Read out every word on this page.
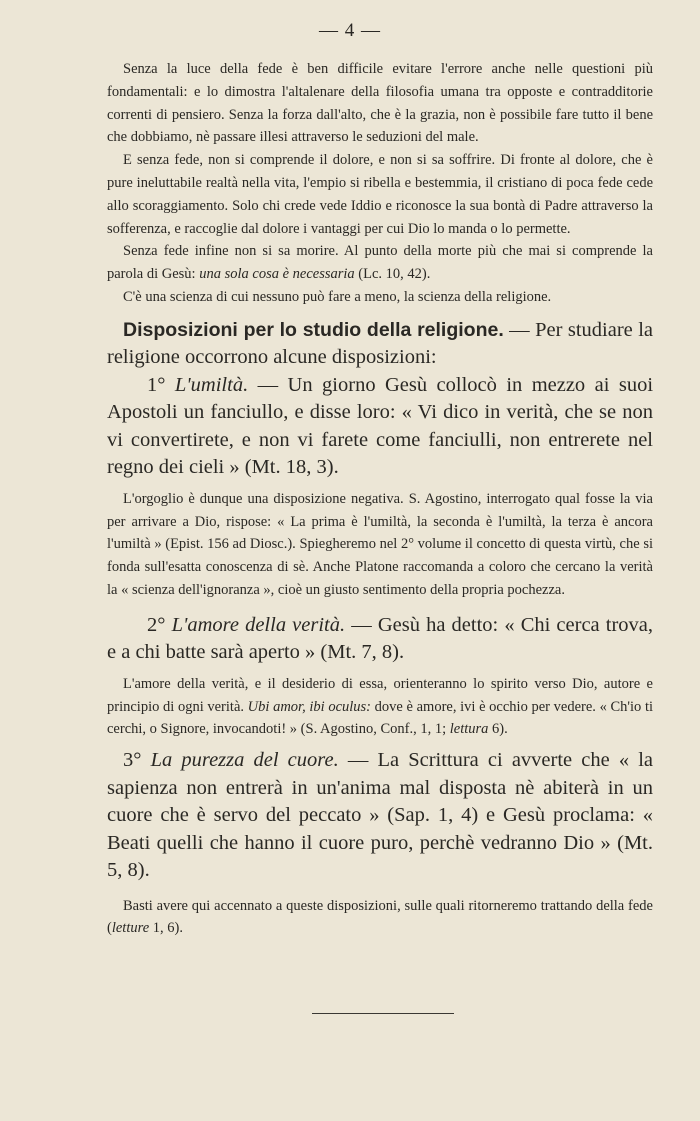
— 4 —

Senza la luce della fede è ben difficile evitare l'errore anche nelle questioni più fondamentali: e lo dimostra l'altalenare della filosofia umana tra opposte e contradditorie correnti di pensiero. Senza la forza dall'alto, che è la grazia, non è possibile fare tutto il bene che dobbiamo, nè passare illesi attraverso le seduzioni del male.

E senza fede, non si comprende il dolore, e non si sa soffrire. Di fronte al dolore, che è pure ineluttabile realtà nella vita, l'empio si ribella e bestemmia, il cristiano di poca fede cede allo scoraggiamento. Solo chi crede vede Iddio e riconosce la sua bontà di Padre attraverso la sofferenza, e raccoglie dal dolore i vantaggi per cui Dio lo manda o lo permette.

Senza fede infine non si sa morire. Al punto della morte più che mai si comprende la parola di Gesù: una sola cosa è necessaria (Lc. 10, 42).

C'è una scienza di cui nessuno può fare a meno, la scienza della religione.

Disposizioni per lo studio della religione. — Per studiare la religione occorrono alcune disposizioni:

1° L'umiltà. — Un giorno Gesù collocò in mezzo ai suoi Apostoli un fanciullo, e disse loro: « Vi dico in verità, che se non vi convertirete, e non vi farete come fanciulli, non entrerete nel regno dei cieli » (Mt. 18, 3).

L'orgoglio è dunque una disposizione negativa. S. Agostino, interrogato qual fosse la via per arrivare a Dio, rispose: « La prima è l'umiltà, la seconda è l'umiltà, la terza è ancora l'umiltà » (Epist. 156 ad Diosc.). Spiegheremo nel 2° volume il concetto di questa virtù, che si fonda sull'esatta conoscenza di sè. Anche Platone raccomanda a coloro che cercano la verità la « scienza dell'ignoranza », cioè un giusto sentimento della propria pochezza.

2° L'amore della verità. — Gesù ha detto: « Chi cerca trova, e a chi batte sarà aperto » (Mt. 7, 8).

L'amore della verità, e il desiderio di essa, orienteranno lo spirito verso Dio, autore e principio di ogni verità. Ubi amor, ibi oculus: dove è amore, ivi è occhio per vedere. « Ch'io ti cerchi, o Signore, invocandoti! » (S. Agostino, Conf., 1, 1; lettura 6).

3° La purezza del cuore. — La Scrittura ci avverte che « la sapienza non entrerà in un'anima mal disposta nè abiterà in un cuore che è servo del peccato » (Sap. 1, 4) e Gesù proclama: « Beati quelli che hanno il cuore puro, perchè vedranno Dio » (Mt. 5, 8).

Basti avere qui accennato a queste disposizioni, sulle quali ritorneremo trattando della fede (letture 1, 6).
